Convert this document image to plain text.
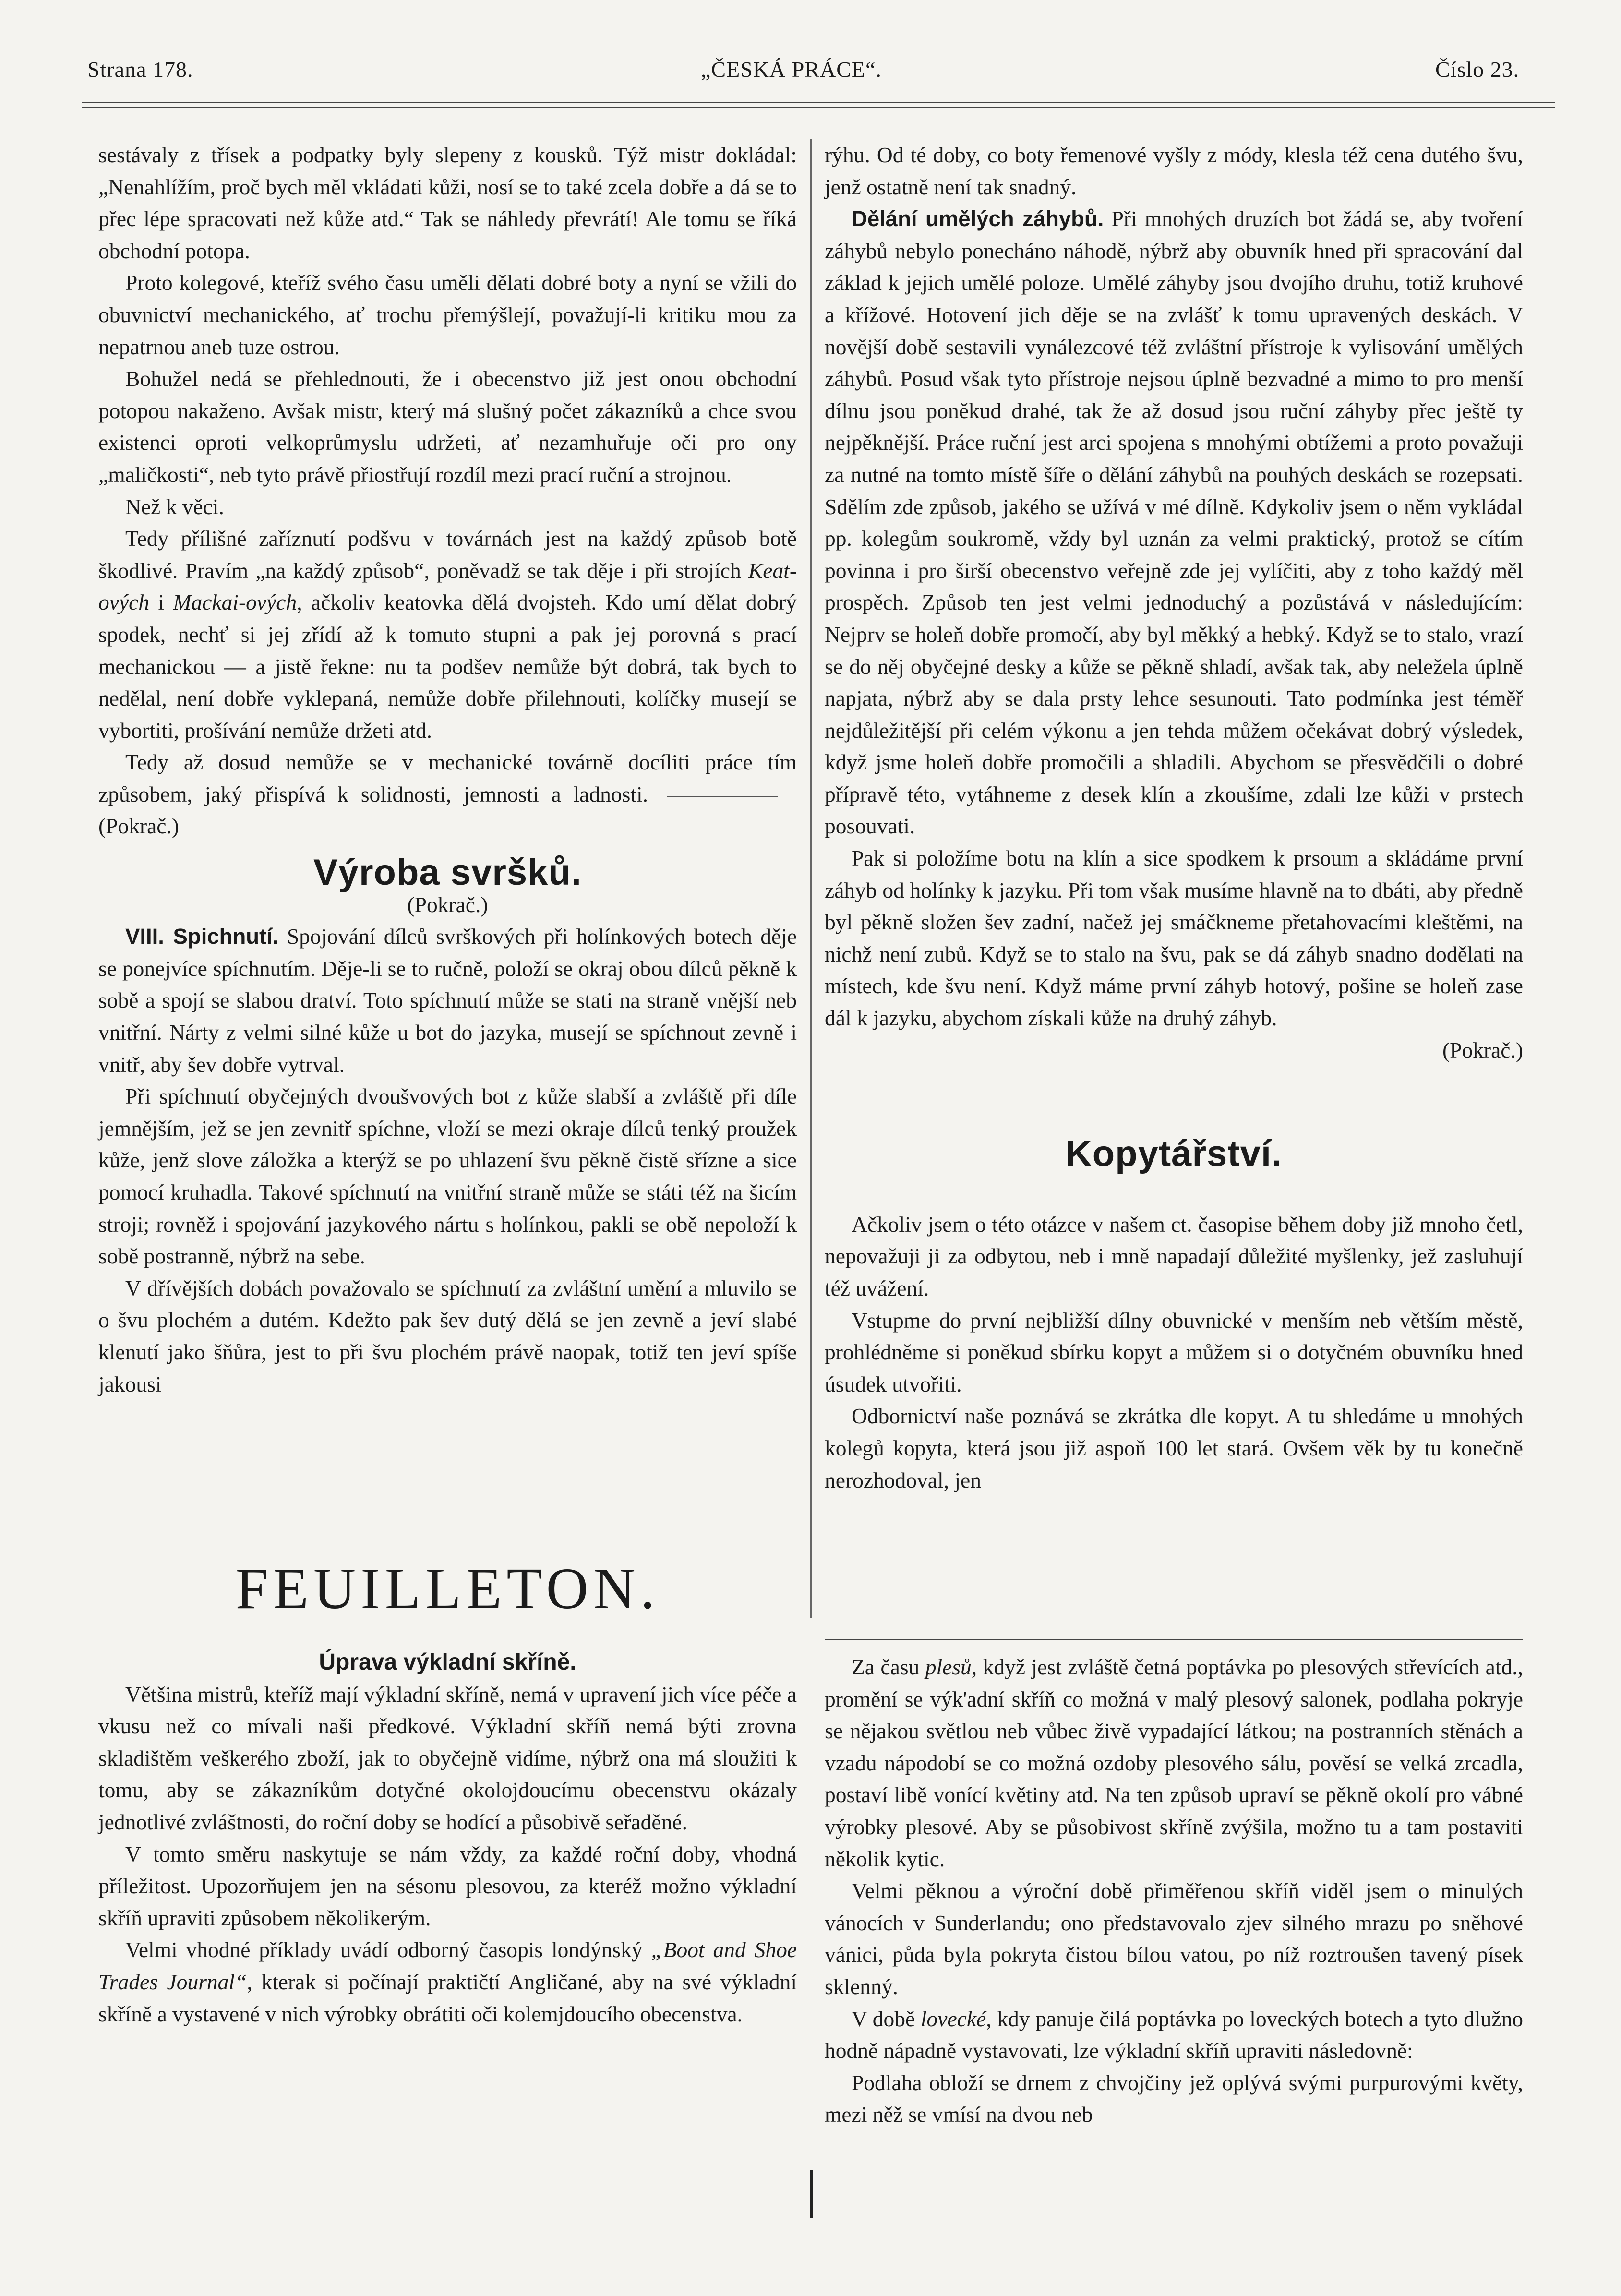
Strana 178.	„ČESKÁ PRÁCE“.	Číslo 23.

sestávaly z třísek a podpatky byly slepeny z kousků. Týž mistr dokládal: „Nenahlížím, proč bych měl vkládati kůži, nosí se to také zcela dobře a dá se to přec lépe spracovati než kůže atd.“ Tak se náhledy převrátí! Ale tomu se říká obchodní potopa.

Proto kolegové, kteříž svého času uměli dělati dobré boty a nyní se vžili do obuvnictví mechanického, ať trochu přemýšlejí, považují-li kritiku mou za nepatrnou aneb tuze ostrou.

Bohužel nedá se přehlednouti, že i obecenstvo již jest onou obchodní potopou nakaženo. Avšak mistr, který má slušný počet zákazníků a chce svou existenci oproti velkoprůmyslu udržeti, ať nezamhuřuje oči pro ony „maličkosti“, neb tyto právě přiostřují rozdíl mezi prací ruční a strojnou.

Než k věci.

Tedy přílišné zaříznutí podšvu v továrnách jest na každý způsob botě škodlivé. Pravím „na každý způsob“, poněvadž se tak děje i při strojích Keat-ových i Mackai-ových, ačkoliv keatovka dělá dvojsteh. Kdo umí dělat dobrý spodek, nechť si jej zřídí až k tomuto stupni a pak jej porovná s prací mechanickou — a jistě řekne: nu ta podšev nemůže být dobrá, tak bych to nedělal, není dobře vyklepaná, nemůže dobře přilehnouti, kolíčky musejí se vybortiti, prošívání nemůže držeti atd.

Tedy až dosud nemůže se v mechanické továrně docíliti práce tím způsobem, jaký přispívá k solidnosti, jemnosti a ladnosti.(Pokrač.)

Výroba svršků.
(Pokrač.)

VIII. Spichnutí. Spojování dílců svrškových při holínkových botech děje se ponejvíce spíchnutím. Děje-li se to ručně, položí se okraj obou dílců pěkně k sobě a spojí se slabou dratví. Toto spíchnutí může se stati na straně vnější neb vnitřní. Nárty z velmi silné kůže u bot do jazyka, musejí se spíchnout zevně i vnitř, aby šev dobře vytrval.

Při spíchnutí obyčejných dvoušvových bot z kůže slabší a zvláště při díle jemnějším, jež se jen zevnitř spíchne, vloží se mezi okraje dílců tenký proužek kůže, jenž slove záložka a kterýž se po uhlazení švu pěkně čistě sřízne a sice pomocí kruhadla. Takové spíchnutí na vnitřní straně může se státi též na šicím stroji; rovněž i spojování jazykového nártu s holínkou, pakli se obě nepoloží k sobě postranně, nýbrž na sebe.

V dřívějších dobách považovalo se spíchnutí za zvláštní umění a mluvilo se o švu plochém a dutém. Kdežto pak šev dutý dělá se jen zevně a jeví slabé klenutí jako šňůra, jest to při švu plochém právě naopak, totiž ten jeví spíše jakousi

rýhu. Od té doby, co boty řemenové vyšly z módy, klesla též cena dutého švu, jenž ostatně není tak snadný.

Dělání umělých záhybů. Při mnohých druzích bot žádá se, aby tvoření záhybů nebylo ponecháno náhodě, nýbrž aby obuvník hned při spracování dal základ k jejich umělé poloze. Umělé záhyby jsou dvojího druhu, totiž kruhové a křížové. Hotovení jich děje se na zvlášť k tomu upravených deskách. V novější době sestavili vynálezcové též zvláštní přístroje k vylisování umělých záhybů. Posud však tyto přístroje nejsou úplně bezvadné a mimo to pro menší dílnu jsou poněkud drahé, tak že až dosud jsou ruční záhyby přec ještě ty nejpěknější. Práce ruční jest arci spojena s mnohými obtížemi a proto považuji za nutné na tomto místě šíře o dělání záhybů na pouhých deskách se rozepsati. Sdělím zde způsob, jakého se užívá v mé dílně. Kdykoliv jsem o něm vykládal pp. kolegům soukromě, vždy byl uznán za velmi praktický, protož se cítím povinna i pro širší obecenstvo veřejně zde jej vylíčiti, aby z toho každý měl prospěch. Způsob ten jest velmi jednoduchý a pozůstává v následujícím: Nejprv se holeň dobře promočí, aby byl měkký a hebký. Když se to stalo, vrazí se do něj obyčejné desky a kůže se pěkně shladí, avšak tak, aby neležela úplně napjata, nýbrž aby se dala prsty lehce sesunouti. Tato podmínka jest téměř nejdůležitější při celém výkonu a jen tehda můžem očekávat dobrý výsledek, když jsme holeň dobře promočili a shladili. Abychom se přesvědčili o dobré přípravě této, vytáhneme z desek klín a zkoušíme, zdali lze kůži v prstech posouvati.

Pak si položíme botu na klín a sice spodkem k prsoum a skládáme první záhyb od holínky k jazyku. Při tom však musíme hlavně na to dbáti, aby předně byl pěkně složen šev zadní, načež jej smáčkneme přetahovacími kleštěmi, na nichž není zubů. Když se to stalo na švu, pak se dá záhyb snadno dodělati na místech, kde švu není. Když máme první záhyb hotový, pošine se holeň zase dál k jazyku, abychom získali kůže na druhý záhyb.

(Pokrač.)

Kopytářství.

Ačkoliv jsem o této otázce v našem ct. časopise během doby již mnoho četl, nepovažuji ji za odbytou, neb i mně napadají důležité myšlenky, jež zasluhují též uvážení.

Vstupme do první nejbližší dílny obuvnické v menším neb větším městě, prohlédněme si poněkud sbírku kopyt a můžem si o dotyčném obuvníku hned úsudek utvořiti.

Odbornictví naše poznává se zkrátka dle kopyt. A tu shledáme u mnohých kolegů kopyta, která jsou již aspoň 100 let stará. Ovšem věk by tu konečně nerozhodoval, jen

FEUILLETON.
Úprava výkladní skříně.

Většina mistrů, kteříž mají výkladní skříně, nemá v upravení jich více péče a vkusu než co mívali naši předkové. Výkladní skříň nemá býti zrovna skladištěm veškerého zboží, jak to obyčejně vidíme, nýbrž ona má sloužiti k tomu, aby se zákazníkům dotyčné okolojdoucímu obecenstvu okázaly jednotlivé zvláštnosti, do roční doby se hodící a působivě seřaděné.

V tomto směru naskytuje se nám vždy, za každé roční doby, vhodná příležitost. Upozorňujem jen na sésonu plesovou, za kteréž možno výkladní skříň upraviti způsobem několikerým.

Velmi vhodné příklady uvádí odborný časopis londýnský „Boot and Shoe Trades Journal“, kterak si počínají praktičtí Angličané, aby na své výkladní skříně a vystavené v nich výrobky obrátiti oči kolemjdoucího obecenstva.

Za času plesů, když jest zvláště četná poptávka po plesových střevících atd., promění se výk'adní skříň co možná v malý plesový salonek, podlaha pokryje se nějakou světlou neb vůbec živě vypadající látkou; na postranních stěnách a vzadu nápodobí se co možná ozdoby plesového sálu, pověsí se velká zrcadla, postaví libě vonící květiny atd. Na ten způsob upraví se pěkně okolí pro vábné výrobky plesové. Aby se působivost skříně zvýšila, možno tu a tam postaviti několik kytic.

Velmi pěknou a výroční době přiměřenou skříň viděl jsem o minulých vánocích v Sunderlandu; ono představovalo zjev silného mrazu po sněhové vánici, půda byla pokryta čistou bílou vatou, po níž roztroušen tavený písek sklenný.

V době lovecké, kdy panuje čilá poptávka po loveckých botech a tyto dlužno hodně nápadně vystavovati, lze výkladní skříň upraviti následovně:

Podlaha obloží se drnem z chvojčiny jež oplývá svými purpurovými květy, mezi něž se vmísí na dvou neb
